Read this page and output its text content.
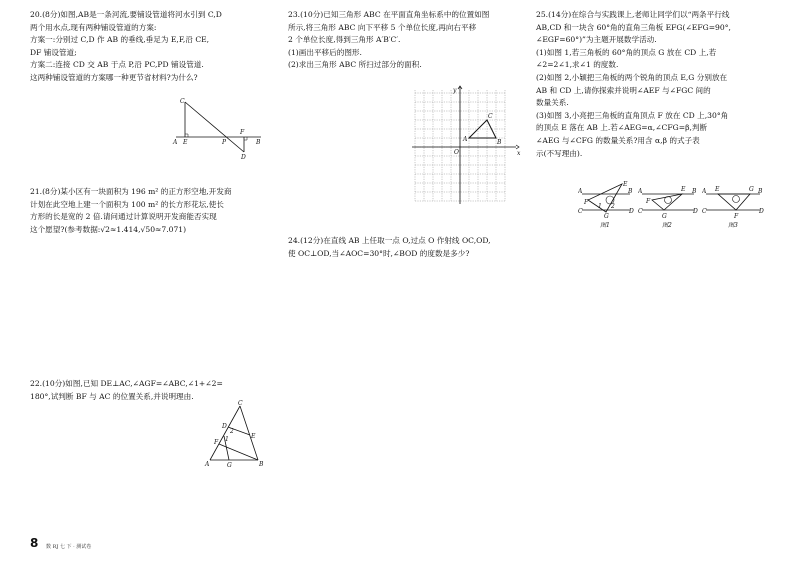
20.(8分)如图,AB是一条河流,要铺设管道将河水引到 C,D

两个用水点,现有两种铺设管道的方案:

方案一:分别过 C,D 作 AB 的垂线,垂足为 E,F,沿 CE,

DF 铺设管道;

方案二:连接 CD 交 AB 于点 P,沿 PC,PD 铺设管道.

这两种铺设管道的方案哪一种更节省材料?为什么?

C
A E	P
F
B
D

21.(8分)某小区有一块面积为 196 m² 的正方形空地,开发商

计划在此空地上建一个面积为 100 m² 的长方形花坛,使长

方形的长是宽的 2 倍.请问通过计算说明开发商能否实现

这个愿望?(参考数据:√2≈1.414,√50≈7.071)

22.(10分)如图,已知 DE⊥AC,∠AGF=∠ABC,∠1+∠2=

180°,试判断 BF 与 AC 的位置关系,并说明理由.

C
D
F
E
1
2
A	G	B

23.(10分)已知三角形 ABC 在平面直角坐标系中的位置如图

所示,将三角形 ABC 向下平移 5 个单位长度,再向右平移

2 个单位长度,得到三角形 A′B′C′.

(1)画出平移后的图形.

(2)求出三角形 ABC 所扫过部分的面积.

y
x
O
A	B
C

24.(12分)在直线 AB 上任取一点 O,过点 O 作射线 OC,OD,

使 OC⊥OD,当∠AOC=30°时,∠BOD 的度数是多少?

25.(14分)在综合与实践课上,老师让同学们以“两条平行线

AB,CD 和一块含 60°角的直角三角板 EFG(∠EFG=90°,

∠EGF=60°)”为主题开展数学活动.

(1)如图 1,若三角板的 60°角的顶点 G 放在 CD 上,若

∠2=2∠1,求∠1 的度数.

(2)如图 2,小颖把三角板的两个锐角的顶点 E,G 分别放在

AB 和 CD 上,请你探索并说明∠AEF 与∠FGC 间的

数量关系.

(3)如图 3,小亮把三角板的直角顶点 F 放在 CD 上,30°角

的顶点 E 落在 AB 上.若∠AEG=α,∠CFG=β,判断

∠AEG 与∠CFG 的数量关系?用含 α,β 的式子表

示(不写理由).

E
A	B
F
C	D
G
1 2
图1
E
A	B
F
C	D
G
图2
E
A	B
G
C	D
F
图3
8 数 RJ 七 下 · 测试卷
